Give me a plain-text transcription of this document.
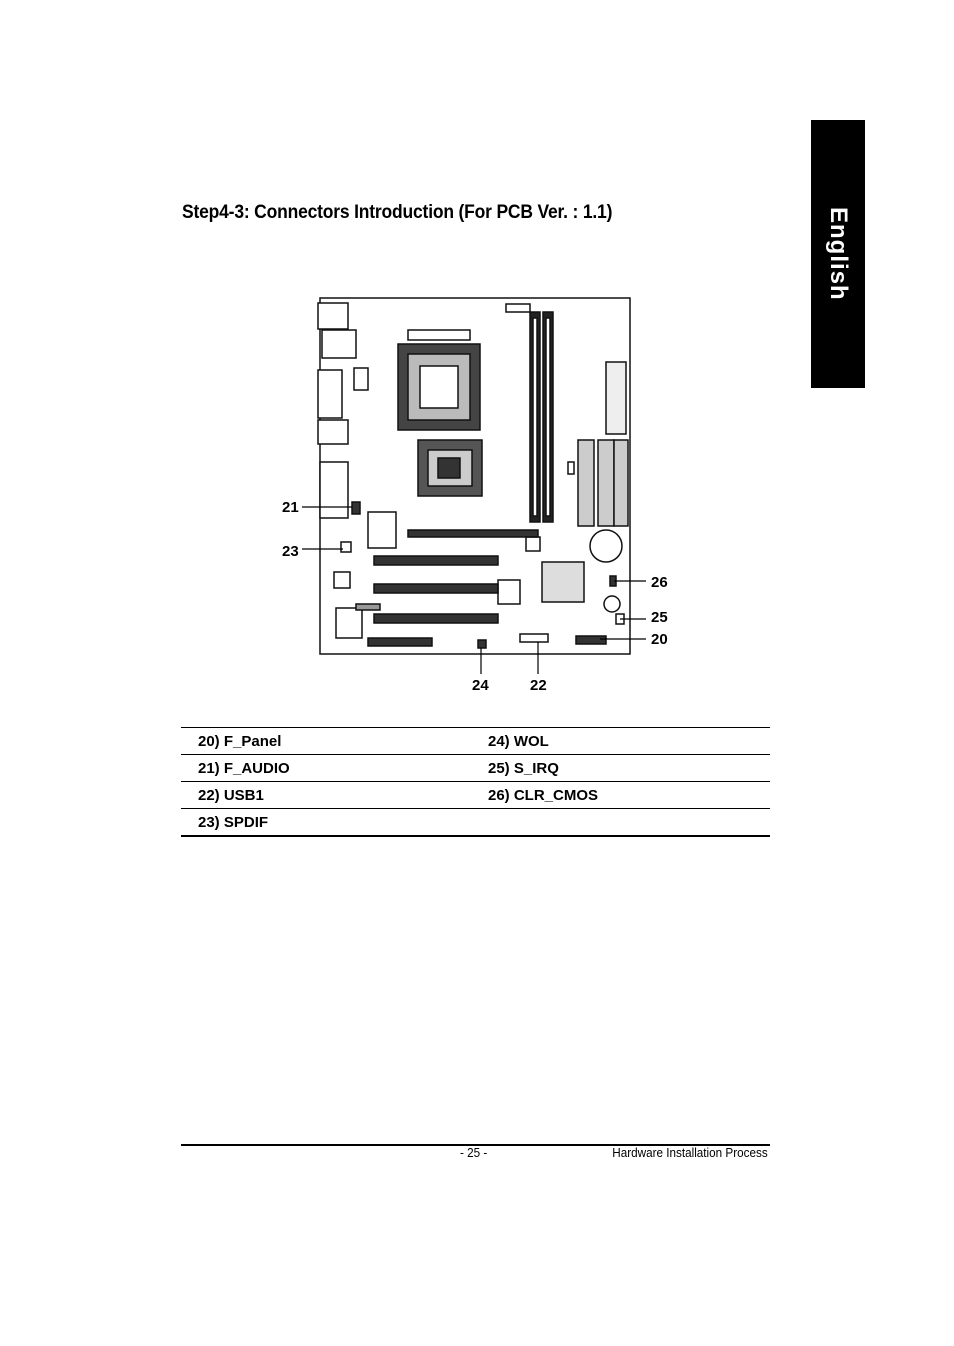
English
Step4-3: Connectors Introduction (For PCB Ver. : 1.1)
21
23
26
25
20
24	22
20) F_Panel	24) WOL
21) F_AUDIO	25) S_IRQ
22) USB1	26) CLR_CMOS
23) SPDIF	
- 25 -	Hardware Installation Process
